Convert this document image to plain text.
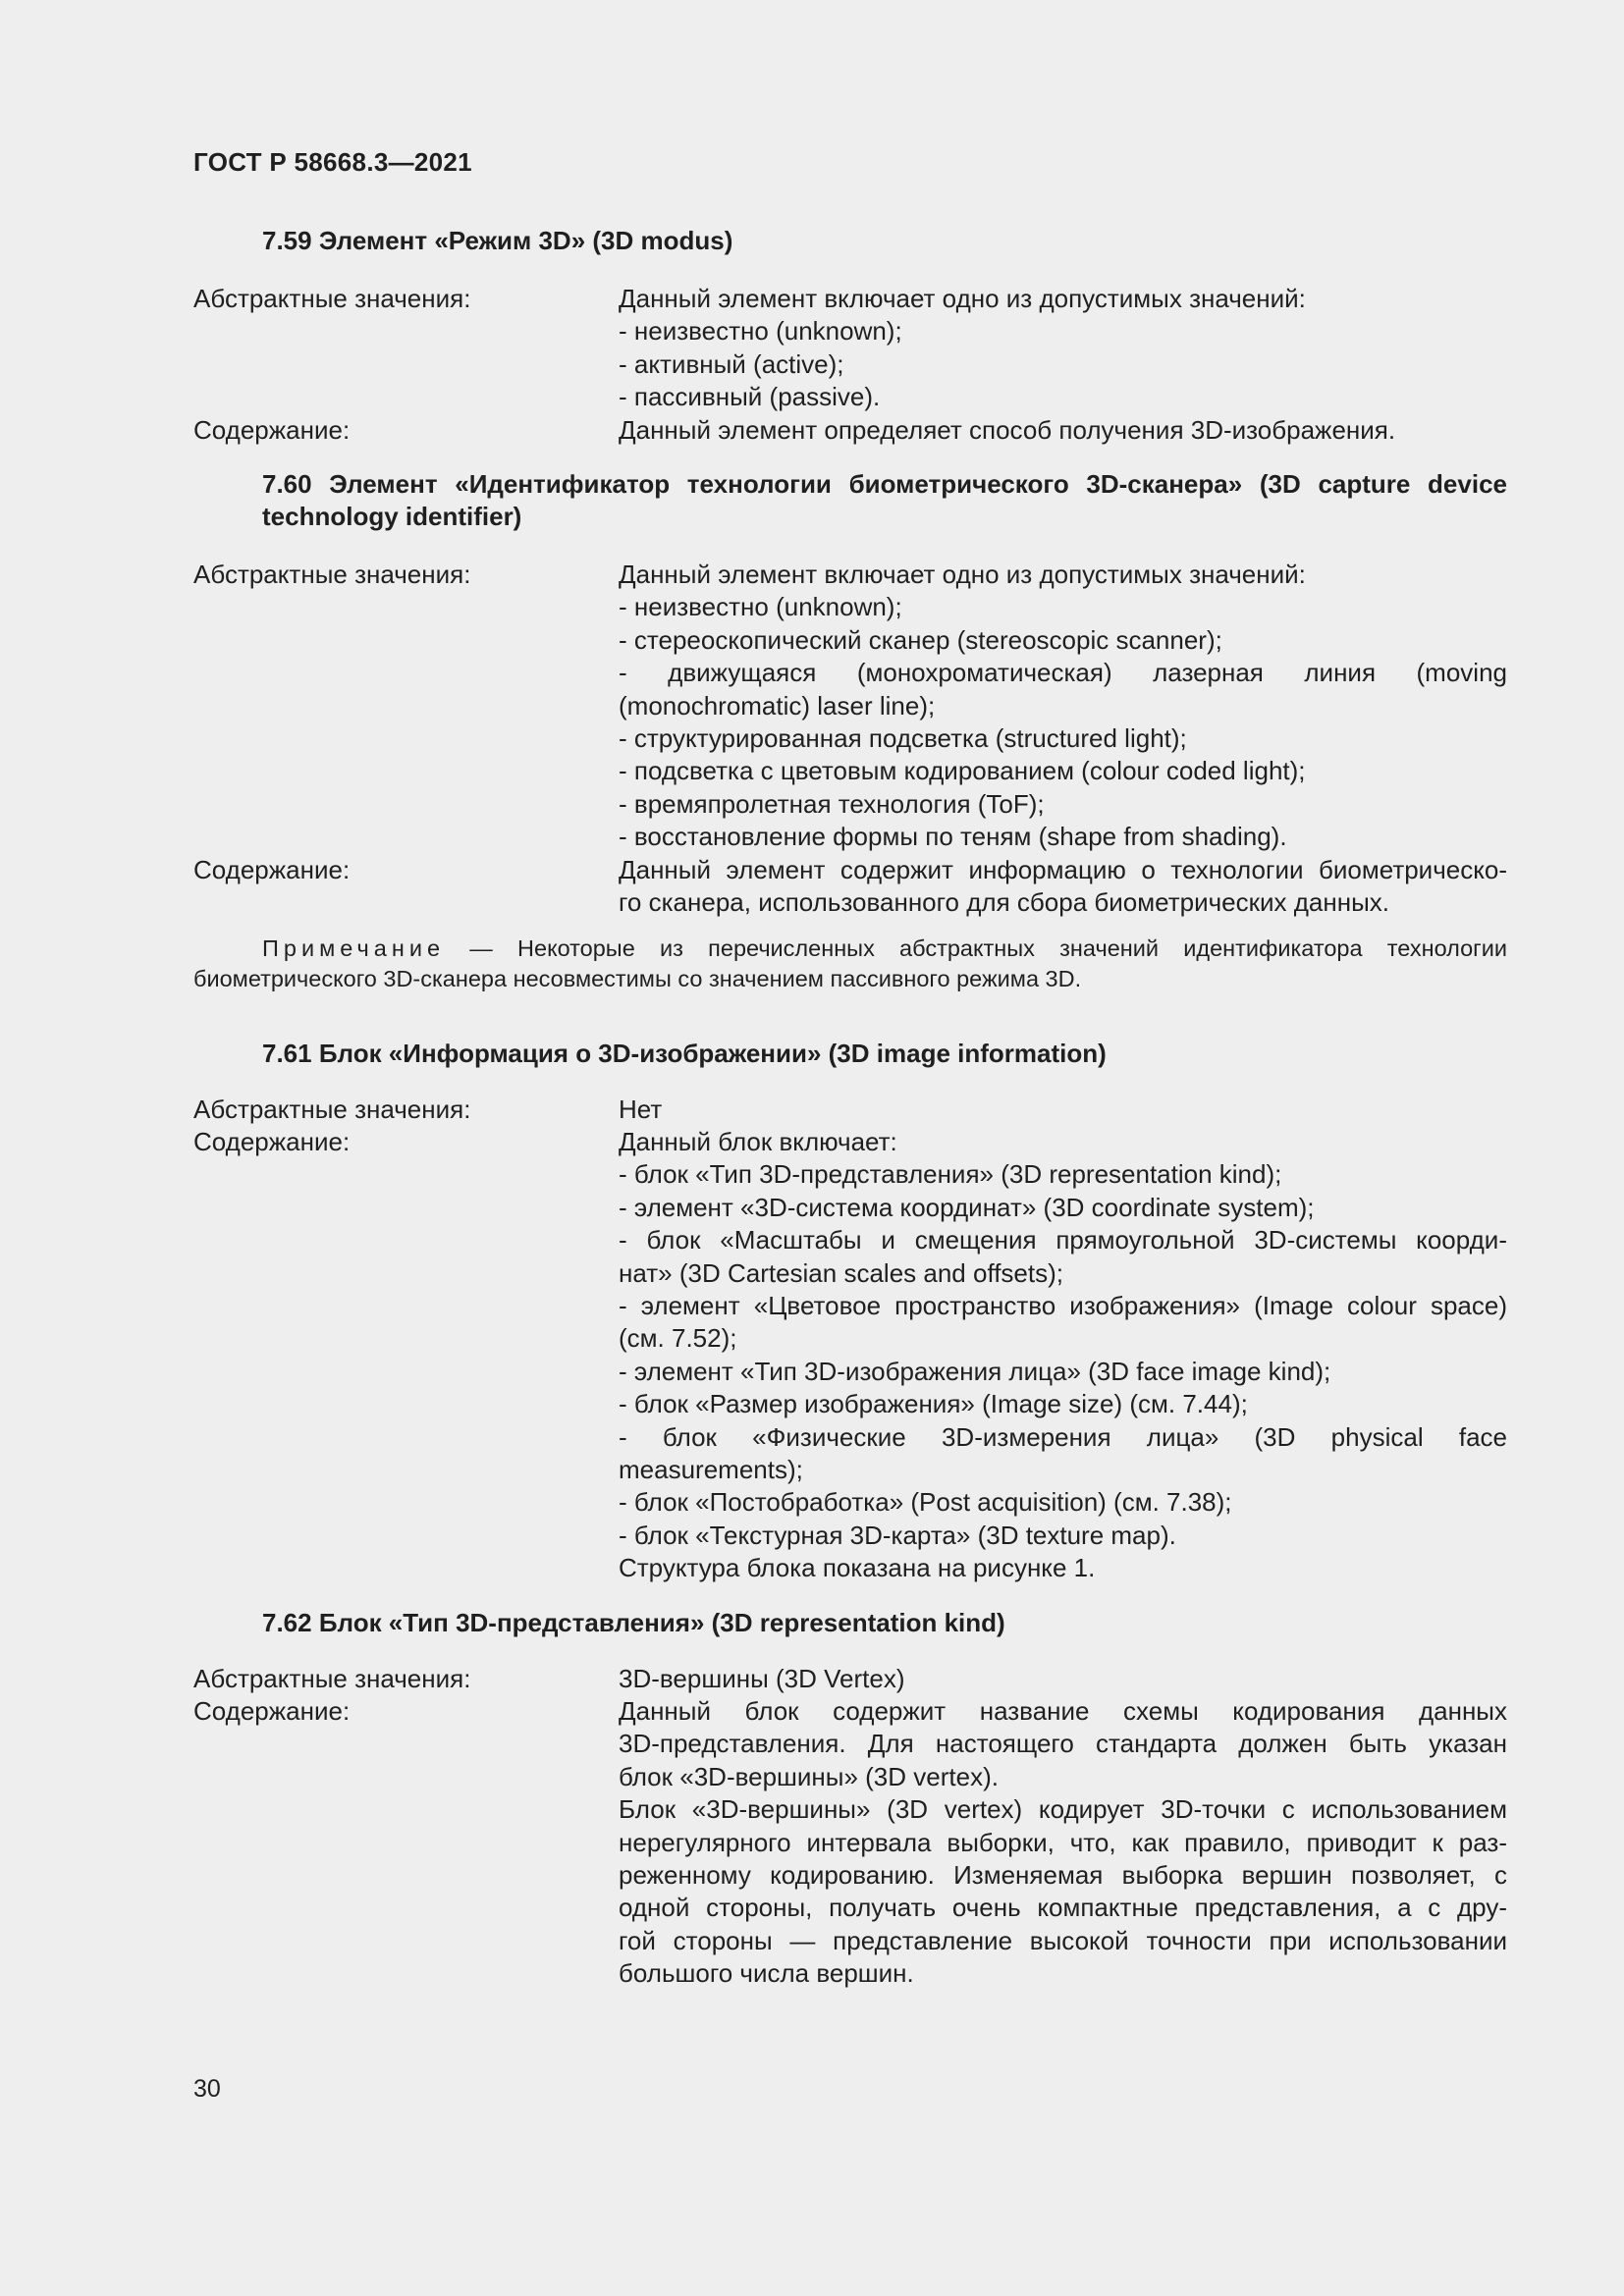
ГОСТ Р 58668.3—2021
7.59 Элемент «Режим 3D» (3D modus)
Абстрактные значения:	Данный элемент включает одно из допустимых значений:
- неизвестно (unknown);
- активный (active);
- пассивный (passive).
Содержание:	Данный элемент определяет способ получения 3D-изображения.
7.60 Элемент «Идентификатор технологии биометрического 3D-сканера» (3D capture device
technology identifier)
Абстрактные значения:	Данный элемент включает одно из допустимых значений:
- неизвестно (unknown);
- стереоскопический сканер (stereoscopic scanner);
- движущаяся (монохроматическая) лазерная линия (moving
(monochromatic) laser line);
- структурированная подсветка (structured light);
- подсветка с цветовым кодированием (colour coded light);
- времяпролетная технология (ToF);
- восстановление формы по теням (shape from shading).
Содержание:	Данный элемент содержит информацию о технологии биометрическо-
го сканера, использованного для сбора биометрических данных.
Примечание — Некоторые из перечисленных абстрактных значений идентификатора технологии биометрического 3D-сканера несовместимы со значением пассивного режима 3D.
7.61 Блок «Информация о 3D-изображении» (3D image information)
Абстрактные значения:	Нет
Содержание:	Данный блок включает:
- блок «Тип 3D-представления» (3D representation kind);
- элемент «3D-система координат» (3D coordinate system);
- блок «Масштабы и смещения прямоугольной 3D-системы коорди-
нат» (3D Cartesian scales and offsets);
- элемент «Цветовое пространство изображения» (Image colour space)
(см. 7.52);
- элемент «Тип 3D-изображения лица» (3D face image kind);
- блок «Размер изображения» (Image size) (см. 7.44);
- блок «Физические 3D-измерения лица» (3D physical face
measurements);
- блок «Постобработка» (Post acquisition) (см. 7.38);
- блок «Текстурная 3D-карта» (3D texture map).
Структура блока показана на рисунке 1.
7.62 Блок «Тип 3D-представления» (3D representation kind)
Абстрактные значения:	3D-вершины (3D Vertex)
Содержание:	Данный блок содержит название схемы кодирования данных
3D-представления. Для настоящего стандарта должен быть указан
блок «3D-вершины» (3D vertex).
Блок «3D-вершины» (3D vertex) кодирует 3D-точки с использованием
нерегулярного интервала выборки, что, как правило, приводит к раз-
реженному кодированию. Изменяемая выборка вершин позволяет, с
одной стороны, получать очень компактные представления, а с дру-
гой стороны — представление высокой точности при использовании
большого числа вершин.
30
